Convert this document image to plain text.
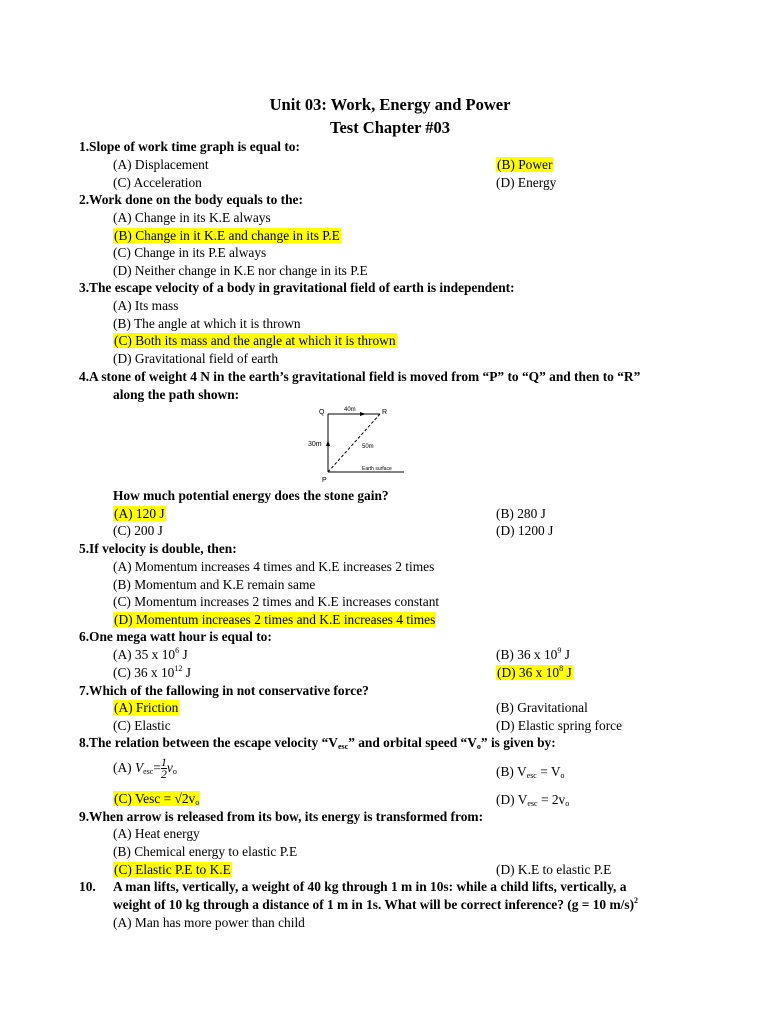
Unit 03: Work, Energy and Power
Test Chapter #03
1.Slope of work time graph is equal to:
(A) Displacement	(B) Power
(C) Acceleration	(D) Energy
2.Work done on the body equals to the:
(A) Change in its K.E always
(B) Change in it K.E and change in its P.E
(C) Change in its P.E always
(D) Neither change in K.E nor change in its P.E
3.The escape velocity of a body in gravitational field of earth is independent:
(A) Its mass
(B) The angle at which it is thrown
(C) Both its mass and the angle at which it is thrown
(D) Gravitational field of earth
4.A stone of weight 4 N in the earth’s gravitational field is moved from “P” to “Q” and then to “R”
along the path shown:
Q	R
P
40m
30m	50m
Earth surface
How much potential energy does the stone gain?
(A) 120 J	(B) 280 J
(C) 200 J	(D) 1200 J
5.If velocity is double, then:
(A) Momentum increases 4 times and K.E increases 2 times
(B) Momentum and K.E remain same
(C) Momentum increases 2 times and K.E increases constant
(D) Momentum increases 2 times and K.E increases 4 times
6.One mega watt hour is equal to:
(A) 35 x $10^6$ J	(B) 36 x $10^9$ J
(C) 36 x $10^{12}$ J	(D) 36 x $10^8$ J
7.Which of the fallowing in not conservative force?
(A) Friction	(B) Gravitational
(C) Elastic	(D) Elastic spring force
8.The relation between the escape velocity “$V_{esc}$” and orbital speed “$V_o$” is given by:
(A) $V_{esc}=\frac{1}{2} v_o$	(B) $V_{esc} = V_o$
(C) Vesc = $√2v_o$	(D) $V_{esc} = 2v_o$
9.When arrow is released from its bow, its energy is transformed from:
(A) Heat energy
(B) Chemical energy to elastic P.E
(C) Elastic P.E to K.E	(D) K.E to elastic P.E
10. A man lifts, vertically, a weight of 40 kg through 1 m in 10s: while a child lifts, vertically, a
weight of 10 kg through a distance of 1 m in 1s. What will be correct inference? (g = 10 m/s)$^2$
(A) Man has more power than child
